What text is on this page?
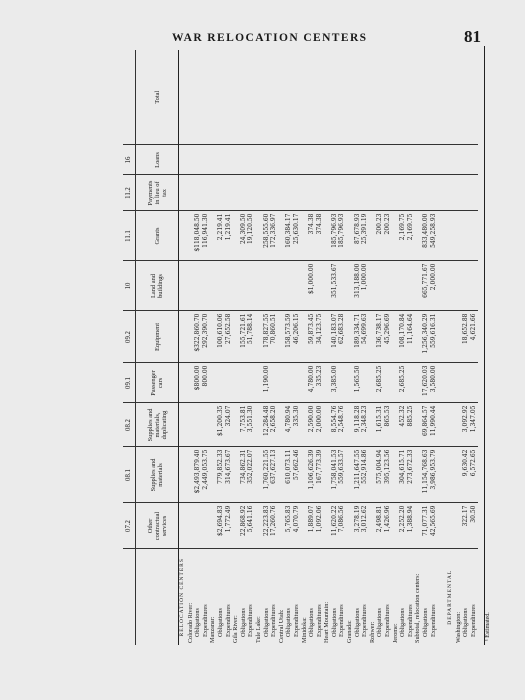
WAR RELOCATION CENTERS	81
	07.2	08.1	08.2	09.1	09.2	10	11.1	11.2	16	
	Other contractual services	Supplies and materials	Supplies and materials, duplicating	Passenger cars	Equipment	Land and buildings	Grants	Payments in lieu of tax	Loans	Total
RELOCATION CENTERS										
Colorado River:										
Obligations		$2,493,879.40		$800.00	$322,860.70		$118,048.50			
Expenditures		2,449,053.75		800.00	292,390.70		116,941.30			
Manzanar:										
Obligations	$2,694.83	779,852.33	$1,200.35		100,610.06		2,219.41			
Expenditures	1,772.49	314,673.67	324.07		27,652.58		1,219.41			
Gila River:										
Obligations	22,868.92	734,862.31	7,753.81		155,721.61		24,309.50			
Expenditures	5,641.16	352,022.07	3,551.30		51,788.14		19,120.50			
Tule Lake:										
Obligations	22,223.83	1,760,221.55	12,284.48	1,190.00	178,827.55		258,555.60			
Expenditures	17,260.76	637,627.13	2,658.20		70,860.51		172,336.97			
Central Utah:										
Obligations	5,765.83	610,073.11	4,780.94		158,573.59		160,384.17			
Expenditures	4,070.79	57,662.46	335.30		46,206.15		25,630.17			
Minidoka:										
Obligations	1,889.07	1,106,626.39	2,590.00	4,780.00	59,873.45	$1,000.00	374.38			
Expenditures	1,092.06	167,773.39	2,000.00	335.23	34,123.75		374.38			
Heart Mountain:										
Obligations	11,620.22	1,758,041.53	8,554.76	3,385.00	140,183.07	351,533.67	185,796.93			
Expenditures	7,086.56	559,633.57	2,548.76		62,683.28		185,796.93			
Granada:										
Obligations	3,278.19	1,211,647.55	9,118.28	1,565.50	189,334.71	313,188.00	87,678.93			
Expenditures	3,012.62	552,914.86	2,348.23		54,699.63	1,000.00	25,391.19			
Rohwer:										
Obligations	2,498.81	575,004.94	1,615.31	2,685.25	136,738.17		200.23			
Expenditures	1,426.96	395,123.56	865.53		45,296.69		200.23			
Jerome:										
Obligations	2,252.20	304,615.71	452.32	2,685.25	108,170.84		2,169.75			
Expenditures	1,388.94	273,672.33	885.25		11,164.64		2,169.75			
Subtotal, relocation centers:										
Obligations	71,077.31	11,154,768.63	69,864.57	17,620.03	1,256,340.29	665,771.67	833,480.00			
Expenditures	42,565.69	3,986,953.79	11,990.44	3,580.00	559,616.31	2,000.00	549,258.93			

DEPARTMENTAL										
Washington:										
Obligations	322.17	9,630.42	3,092.92		18,652.88					
Expenditures	30.50	6,572.65	1,347.05		4,621.66					
¹ Estimated.
